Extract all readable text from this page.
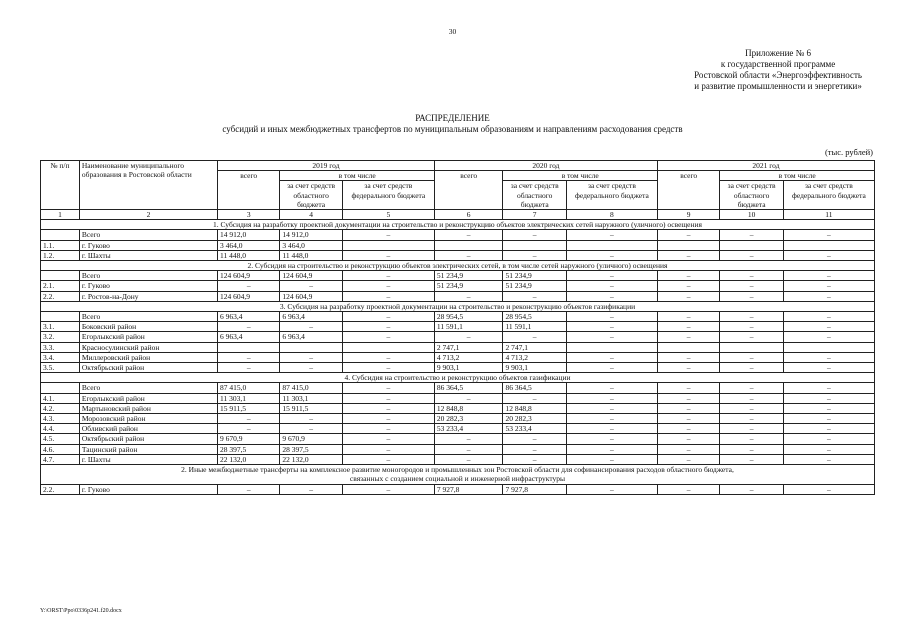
30
Приложение № 6
к государственной программе
Ростовской области «Энергоэффективность
и развитие промышленности и энергетики»
РАСПРЕДЕЛЕНИЕ
субсидий и иных межбюджетных трансфертов по муниципальным образованиям и направлениям расходования средств
(тыс. рублей)
№ п/п	Наименование муниципального образования в Ростовской области	2019 год			2020 год			2021 год		
		всего	в том числе		всего	в том числе		всего	в том числе	
			за счет средств областного бюджета	за счет средств федерального бюджета		за счет средств областного бюджета	за счет средств федерального бюджета		за счет средств областного бюджета	за счет средств федерального бюджета
1	2	3	4	5	6	7	8	9	10	11
1. Субсидия на разработку проектной документации на строительство и реконструкцию объектов электрических сетей наружного (уличного) освещения										
	Всего	14 912,0	14 912,0	–	–	–	–	–	–	–
1.1.	г. Гуково	3 464,0	3 464,0							
1.2.	г. Шахты	11 448,0	11 448,0	–	–	–	–	–	–	–
2. Субсидия на строительство и реконструкцию объектов электрических сетей, в том числе сетей наружного (уличного) освещения										
	Всего	124 604,9	124 604,9	–	51 234,9	51 234,9	–	–	–	–
2.1.	г. Гуково	–	–	–	51 234,9	51 234,9	–	–	–	–
2.2.	г. Ростов-на-Дону	124 604,9	124 604,9	–	–	–	–	–	–	–
3. Субсидия на разработку проектной документации на строительство и реконструкцию объектов газификации										
	Всего	6 963,4	6 963,4	–	28 954,5	28 954,5	–	–	–	–
3.1.	Боковский район	–	–	–	11 591,1	11 591,1	–	–	–	–
3.2.	Егорлыкский район	6 963,4	6 963,4	–	–	–	–	–	–	–
3.3.	Красносулинский район				2 747,1	2 747,1				
3.4.	Миллеровский район	–	–	–	4 713,2	4 713,2	–	–	–	–
3.5.	Октябрьский район	–	–	–	9 903,1	9 903,1	–	–	–	–
4. Субсидия на строительство и реконструкцию объектов газификации										
	Всего	87 415,0	87 415,0	–	86 364,5	86 364,5	–	–	–	–
4.1.	Егорлыкский район	11 303,1	11 303,1	–	–	–	–	–	–	–
4.2.	Мартыновский район	15 911,5	15 911,5	–	12 848,8	12 848,8	–	–	–	–
4.3.	Морозовский район	–	–	–	20 282,3	20 282,3	–	–	–	–
4.4.	Обливский район	–	–	–	53 233,4	53 233,4	–	–	–	–
4.5.	Октябрьский район	9 670,9	9 670,9	–	–	–	–	–	–	–
4.6.	Тацинский район	28 397,5	28 397,5	–	–	–	–	–	–	–
4.7.	г. Шахты	22 132,0	22 132,0	–	–	–	–	–	–	–
2. Иные межбюджетные трансферты на комплексное развитие моногородов и промышленных зон Ростовской области для софинансирования расходов областного бюджета, связанных с созданием социальной и инженерной инфраструктуры										
2.2.	г. Гуково	–	–	–	7 927,8	7 927,8	–	–	–	–
Y:\ORST\Ppo\0336p241.f20.docx
